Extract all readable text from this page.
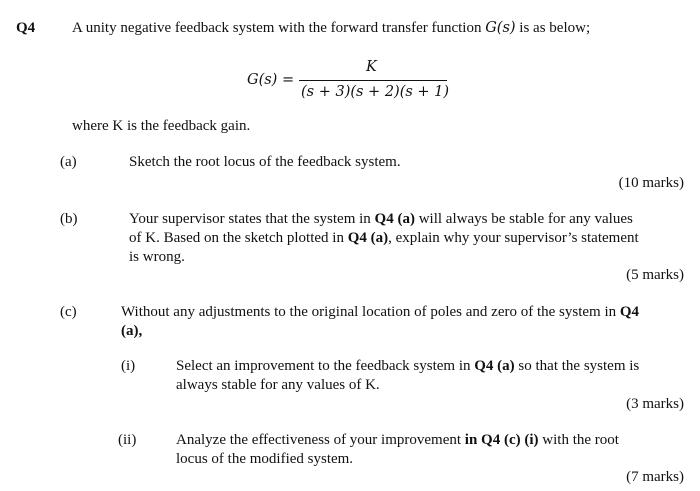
Q4 A unity negative feedback system with the forward transfer function G(s) is as below;
G(s) =
K
(s + 3)(s + 2)(s + 1)
where K is the feedback gain.
(a)	Sketch the root locus of the feedback system.
(10 marks)
(b)	Your supervisor states that the system in Q4 (a) will always be stable for any values
of K. Based on the sketch plotted in Q4 (a), explain why your supervisor’s statement
is wrong.
(5 marks)
(c)	Without any adjustments to the original location of poles and zero of the system in Q4
(a),
(i)	Select an improvement to the feedback system in Q4 (a) so that the system is
always stable for any values of K.
(3 marks)
(ii)	Analyze the effectiveness of your improvement in Q4 (c) (i) with the root
locus of the modified system.
(7 marks)
